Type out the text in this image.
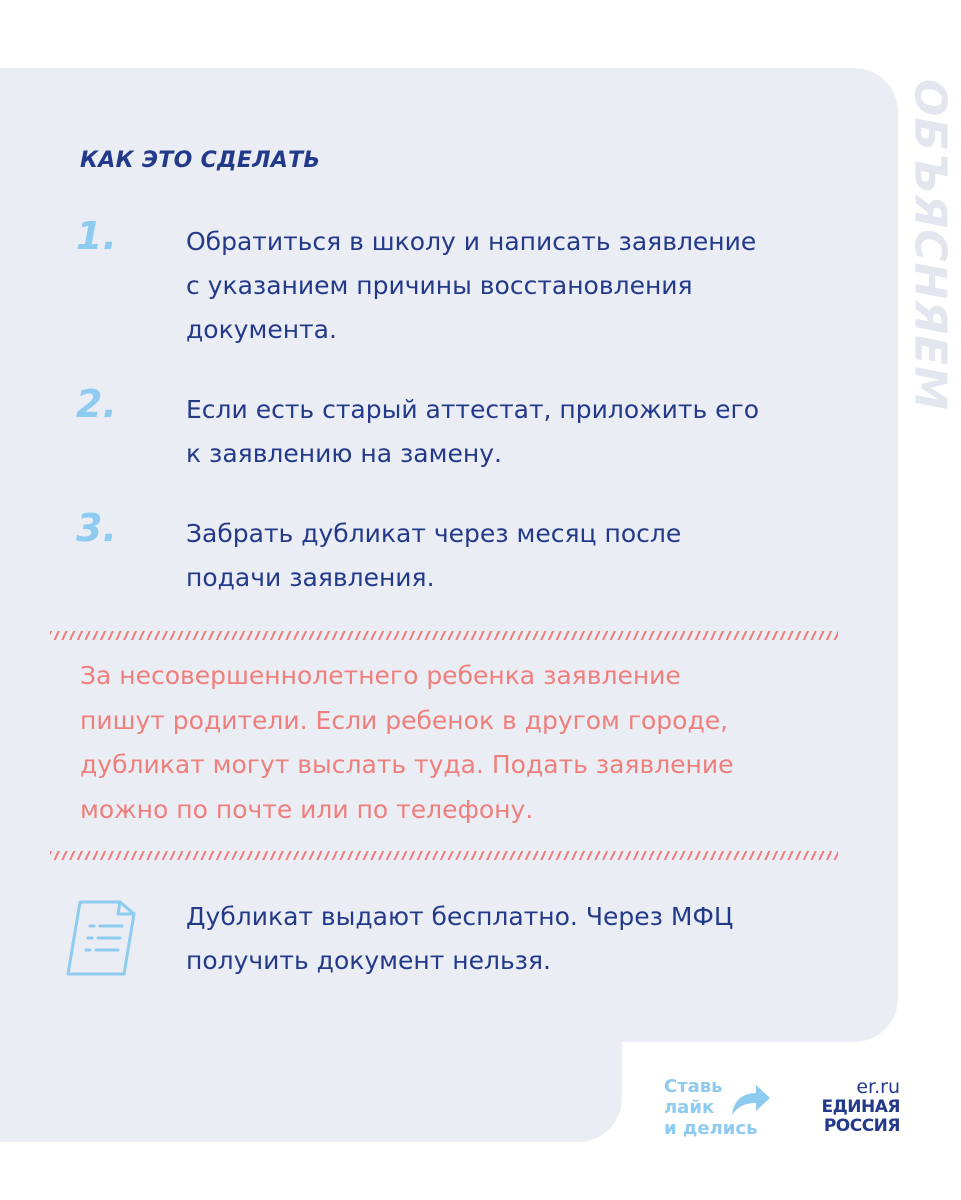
ОБЪЯСНЯЕМ
КАК ЭТО СДЕЛАТЬ
1.	Обратиться в школу и написать заявление
с указанием причины восстановления
документа.
2.	Если есть старый аттестат, приложить его
к заявлению на замену.
3.	Забрать дубликат через месяц после
подачи заявления.
За несовершеннолетнего ребенка заявление
пишут родители. Если ребенок в другом городе,
дубликат могут выслать туда. Подать заявление
можно по почте или по телефону.
Дубликат выдают бесплатно. Через МФЦ
получить документ нельзя.
Ставь
лайк
и делись
er.ru
ЕДИНАЯ
РОССИЯ
